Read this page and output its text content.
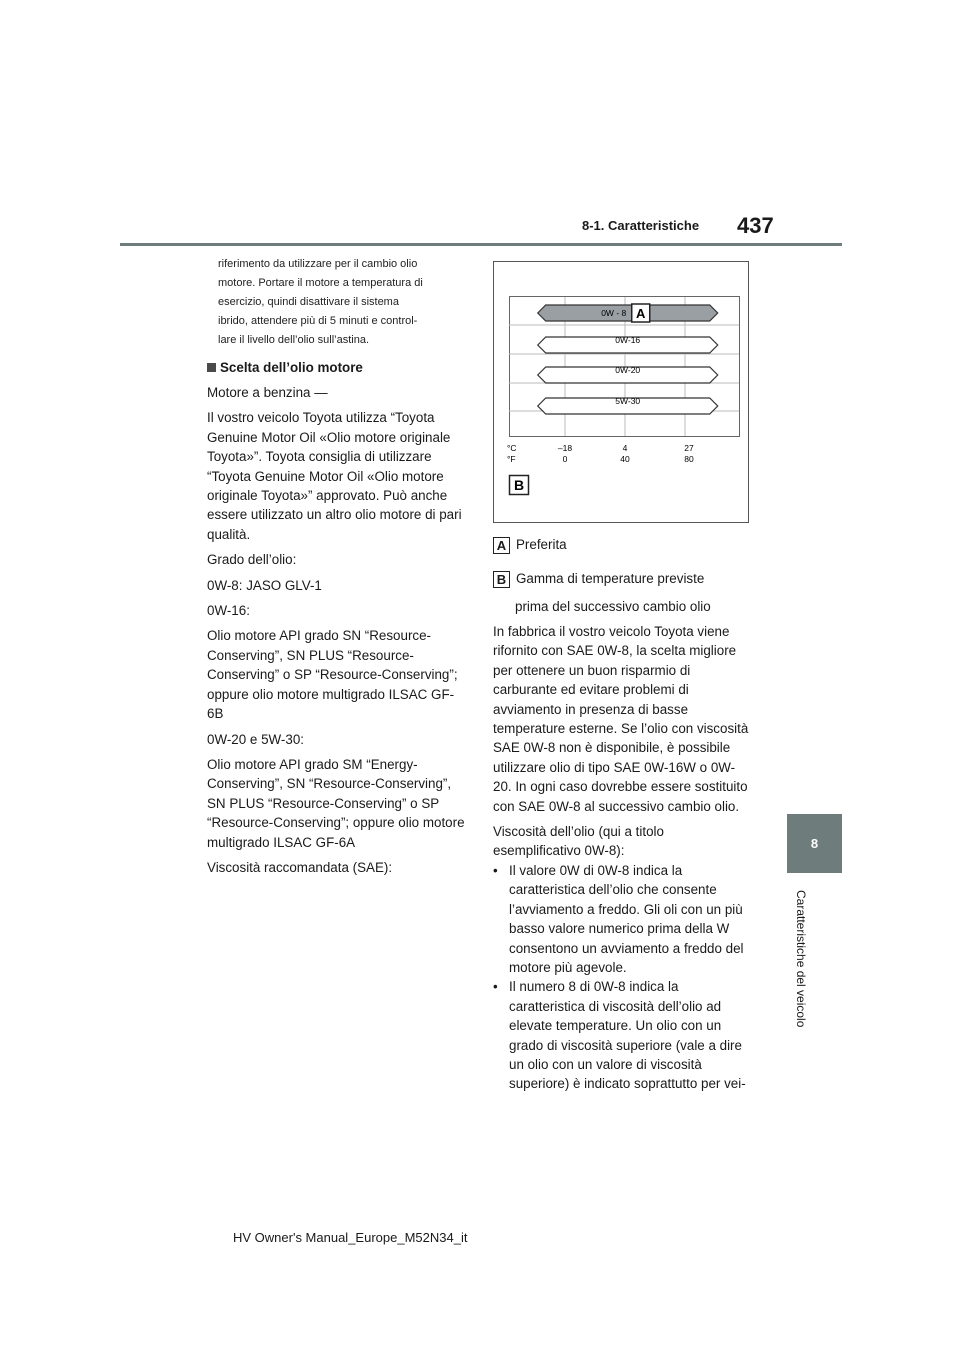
8-1. Caratteristiche 437
8
Caratteristiche del veicolo

riferimento da utilizzare per il cambio olio

motore. Portare il motore a temperatura di

esercizio, quindi disattivare il sistema

ibrido, attendere più di 5 minuti e control-

lare il livello dell’olio sull’astina.

Scelta dell’olio motore

Motore a benzina —

Il vostro veicolo Toyota utilizza “Toyota Genuine Motor Oil «Olio motore originale Toyota»”. Toyota consiglia di utilizzare “Toyota Genuine Motor Oil «Olio motore originale Toyota»” approvato. Può anche essere utilizzato un altro olio motore di pari qualità.

Grado dell’olio:

0W-8: JASO GLV-1

0W-16:

Olio motore API grado SN “Resource-Conserving”, SN PLUS “Resource-Conserving” o SP “Resource-Conserving”; oppure olio motore multigrado ILSAC GF-6B

0W-20 e 5W-30:

Olio motore API grado SM “Energy-Conserving”, SN “Resource-Conserving”, SN PLUS “Resource-Conserving” o SP “Resource-Conserving”; oppure olio motore multigrado ILSAC GF-6A

Viscosità raccomandata (SAE):

0W - 8 A
0W-16
0W-20
5W-30
°C
°F
–18	4	27
0	40	80
B
A Preferita
B Gamma di temperature previste

prima del successivo cambio olio

In fabbrica il vostro veicolo Toyota viene rifornito con SAE 0W-8, la scelta migliore per ottenere un buon risparmio di carburante ed evitare problemi di avviamento in presenza di basse temperature esterne. Se l’olio con viscosità SAE 0W-8 non è disponibile, è possibile utilizzare olio di tipo SAE 0W-16W o 0W-20. In ogni caso dovrebbe essere sostituito con SAE 0W-8 al successivo cambio olio.

Viscosità dell’olio (qui a titolo esemplificativo 0W-8):

• Il valore 0W di 0W-8 indica la caratteristica dell’olio che consente l’avviamento a freddo. Gli oli con un più basso valore numerico prima della W consentono un avviamento a freddo del motore più agevole.

• Il numero 8 di 0W-8 indica la caratteristica di viscosità dell’olio ad elevate temperature. Un olio con un grado di viscosità superiore (vale a dire un olio con un valore di viscosità superiore) è indicato soprattutto per vei-

HV Owner's Manual_Europe_M52N34_it
